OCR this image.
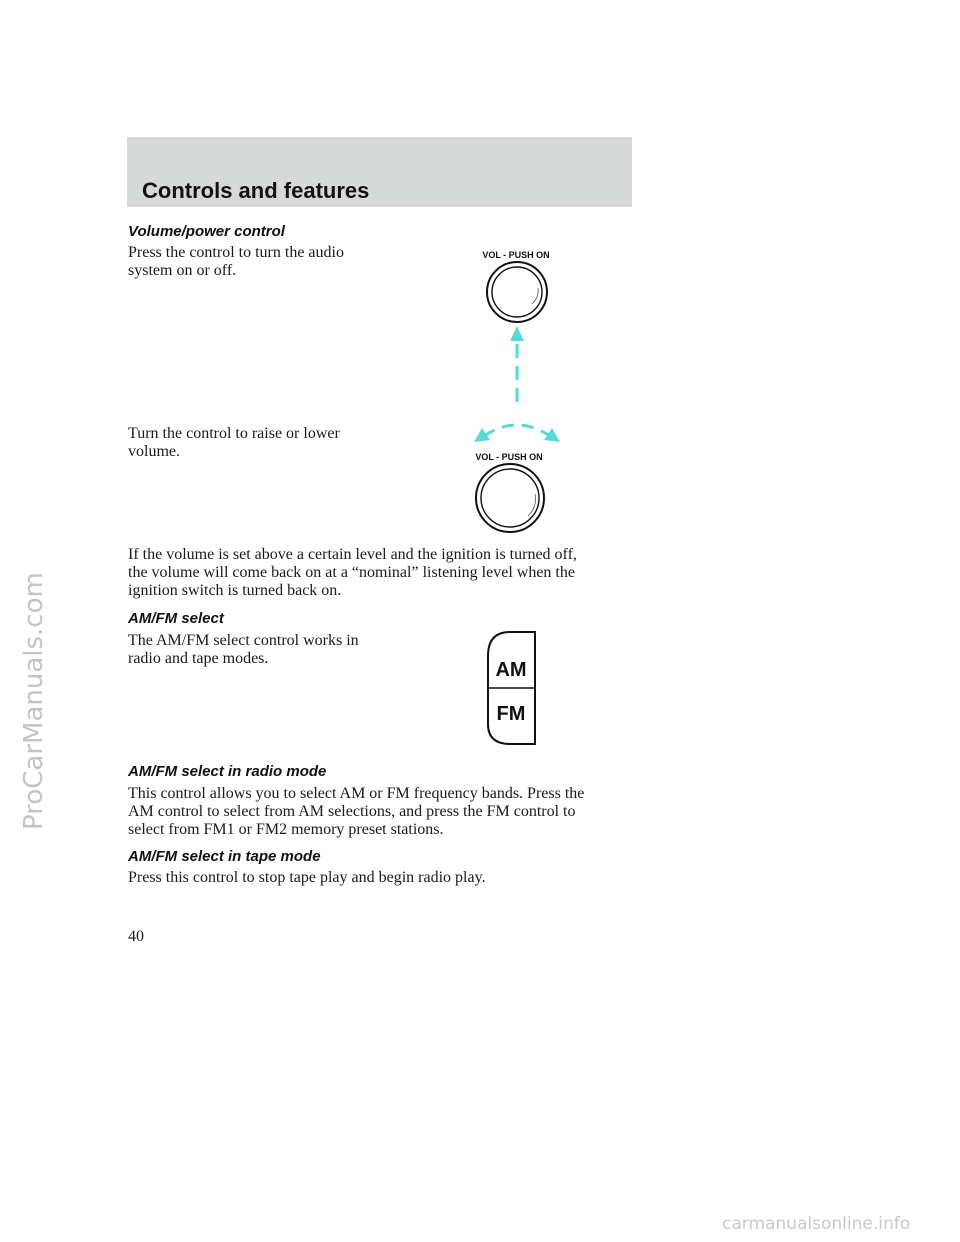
ProCarManuals.com
Controls and features
Volume/power control
Press the control to turn the audio
system on or off.
Turn the control to raise or lower
volume.
VOL - PUSH ON
VOL - PUSH ON
If the volume is set above a certain level and the ignition is turned off,
the volume will come back on at a “nominal” listening level when the
ignition switch is turned back on.
AM/FM select
The AM/FM select control works in
radio and tape modes.
AM
FM
AM/FM select in radio mode
This control allows you to select AM or FM frequency bands. Press the
AM control to select from AM selections, and press the FM control to
select from FM1 or FM2 memory preset stations.
AM/FM select in tape mode
Press this control to stop tape play and begin radio play.
40
carmanualsonline.info
